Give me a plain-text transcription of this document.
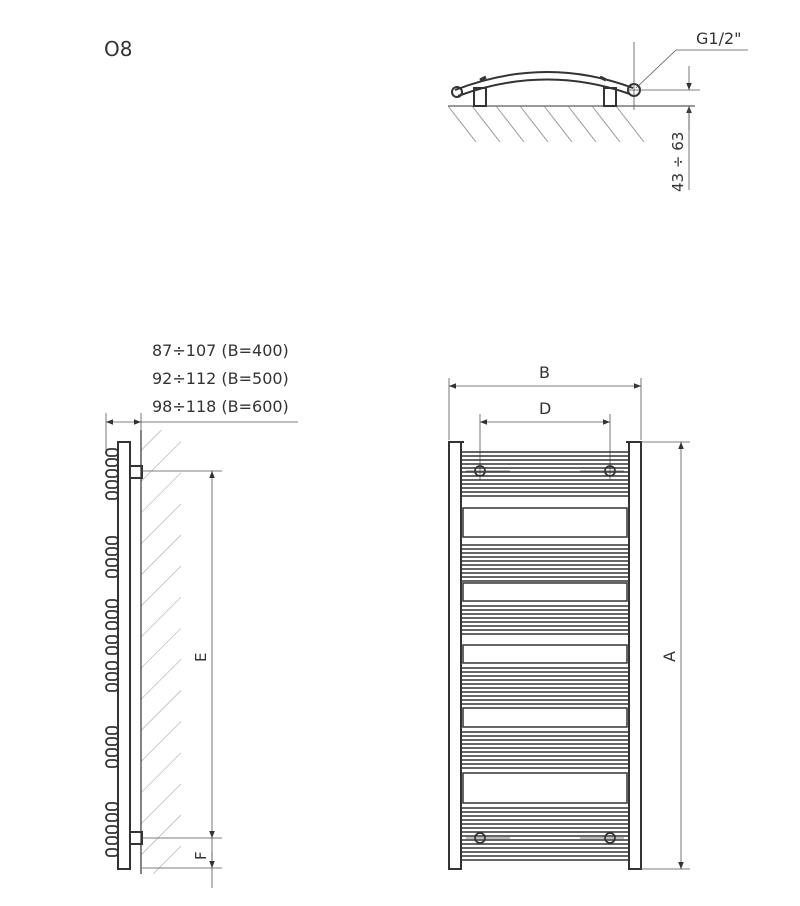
O8	G1/2"
43 ÷ 63
87÷107 (B=400)
92÷112 (B=500)
98÷118 (B=600)
E
F
B
D
A
